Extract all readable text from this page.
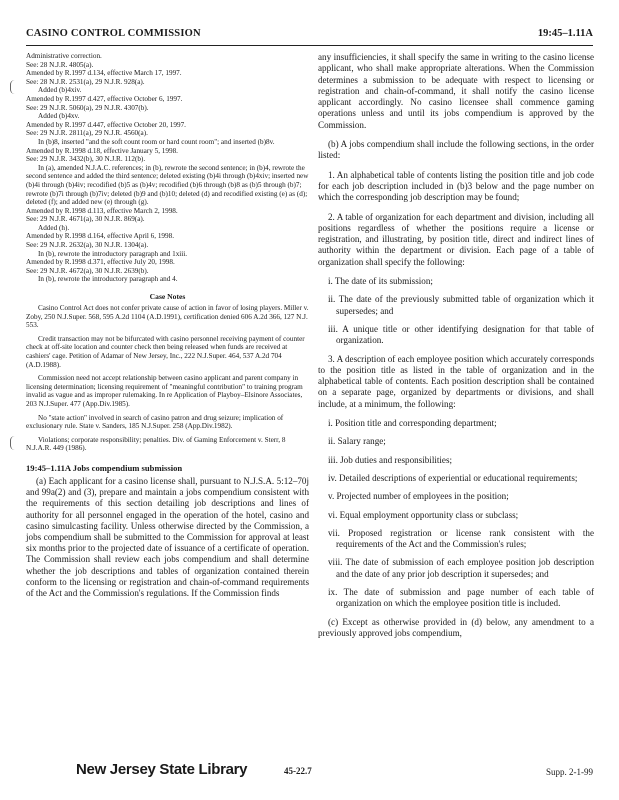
CASINO CONTROL COMMISSION	19:45–1.11A

Administrative correction.

See: 28 N.J.R. 4805(a).

Amended by R.1997 d.134, effective March 17, 1997.

See: 28 N.J.R. 2531(a), 29 N.J.R. 928(a).

Added (b)4xiv.

Amended by R.1997 d.427, effective October 6, 1997.

See: 29 N.J.R. 5060(a), 29 N.J.R. 4307(b).

Added (b)4xv.

Amended by R.1997 d.447, effective October 20, 1997.

See: 29 N.J.R. 2811(a), 29 N.J.R. 4560(a).

In (b)8, inserted "and the soft count room or hard count room"; and inserted (b)8v.

Amended by R.1998 d.18, effective January 5, 1998.

See: 29 N.J.R. 3432(b), 30 N.J.R. 112(b).

In (a), amended N.J.A.C. references; in (b), rewrote the second sentence; in (b)4, rewrote the second sentence and added the third sentence; deleted existing (b)4i through (b)4xiv; inserted new (b)4i through (b)4iv; recodified (b)5 as (b)4v; recodified (b)6 through (b)8 as (b)5 through (b)7; rewrote (b)7i through (b)7iv; deleted (b)9 and (b)10; deleted (d) and recodified existing (e) as (d); deleted (f); and added new (e) through (g).

Amended by R.1998 d.113, effective March 2, 1998.

See: 29 N.J.R. 4671(a), 30 N.J.R. 869(a).

Added (h).

Amended by R.1998 d.164, effective April 6, 1998.

See: 29 N.J.R. 2632(a), 30 N.J.R. 1304(a).

In (b), rewrote the introductory paragraph and 1xiii.

Amended by R.1998 d.371, effective July 20, 1998.

See: 29 N.J.R. 4672(a), 30 N.J.R. 2639(b).

In (b), rewrote the introductory paragraph and 4.

Case Notes

Casino Control Act does not confer private cause of action in favor of losing players. Miller v. Zoby, 250 N.J.Super. 568, 595 A.2d 1104 (A.D.1991), certification denied 606 A.2d 366, 127 N.J. 553.

Credit transaction may not be bifurcated with casino personnel receiving payment of counter check at off-site location and counter check then being released when funds are received at cashiers' cage. Petition of Adamar of New Jersey, Inc., 222 N.J.Super. 464, 537 A.2d 704 (A.D.1988).

Commission need not accept relationship between casino applicant and parent company in licensing determination; licensing requirement of "meaningful contribution" to training program invalid as vague and as improper rulemaking. In re Application of Playboy–Elsinore Associates, 203 N.J.Super. 477 (App.Div.1985).

No "state action" involved in search of casino patron and drug seizure; implication of exclusionary rule. State v. Sanders, 185 N.J.Super. 258 (App.Div.1982).

Violations; corporate responsibility; penalties. Div. of Gaming Enforcement v. Sterr, 8 N.J.A.R. 449 (1986).

19:45–1.11A Jobs compendium submission

(a) Each applicant for a casino license shall, pursuant to N.J.S.A. 5:12–70j and 99a(2) and (3), prepare and maintain a jobs compendium consistent with the requirements of this section detailing job descriptions and lines of authority for all personnel engaged in the operation of the hotel, casino and casino simulcasting facility. Unless otherwise directed by the Commission, a jobs compendium shall be submitted to the Commission for approval at least six months prior to the projected date of issuance of a certificate of operation. The Commission shall review each jobs compendium and shall determine whether the job descriptions and tables of organization contained therein conform to the licensing or registration and chain-of-command requirements of the Act and the Commission's regulations. If the Commission finds

any insufficiencies, it shall specify the same in writing to the casino license applicant, who shall make appropriate alterations. When the Commission determines a submission to be adequate with respect to licensing or registration and chain-of-command, it shall notify the casino license applicant accordingly. No casino licensee shall commence gaming operations unless and until its jobs compendium is approved by the Commission.

(b) A jobs compendium shall include the following sections, in the order listed:

1. An alphabetical table of contents listing the position title and job code for each job description included in (b)3 below and the page number on which the corresponding job description may be found;

2. A table of organization for each department and division, including all positions regardless of whether the positions require a license or registration, and illustrating, by position title, direct and indirect lines of authority within the department or division. Each page of a table of organization shall specify the following:

i. The date of its submission;

ii. The date of the previously submitted table of organization which it supersedes; and

iii. A unique title or other identifying designation for that table of organization.

3. A description of each employee position which accurately corresponds to the position title as listed in the table of organization and in the alphabetical table of contents. Each position description shall be contained on a separate page, organized by departments or divisions, and shall include, at a minimum, the following:

i. Position title and corresponding department;

ii. Salary range;

iii. Job duties and responsibilities;

iv. Detailed descriptions of experiential or educational requirements;

v. Projected number of employees in the position;

vi. Equal employment opportunity class or subclass;

vii. Proposed registration or license rank consistent with the requirements of the Act and the Commission's rules;

viii. The date of submission of each employee position job description and the date of any prior job description it supersedes; and

ix. The date of submission and page number of each table of organization on which the employee position title is included.

(c) Except as otherwise provided in (d) below, any amendment to a previously approved jobs compendium,

New Jersey State Library	45-22.7	Supp. 2-1-99
